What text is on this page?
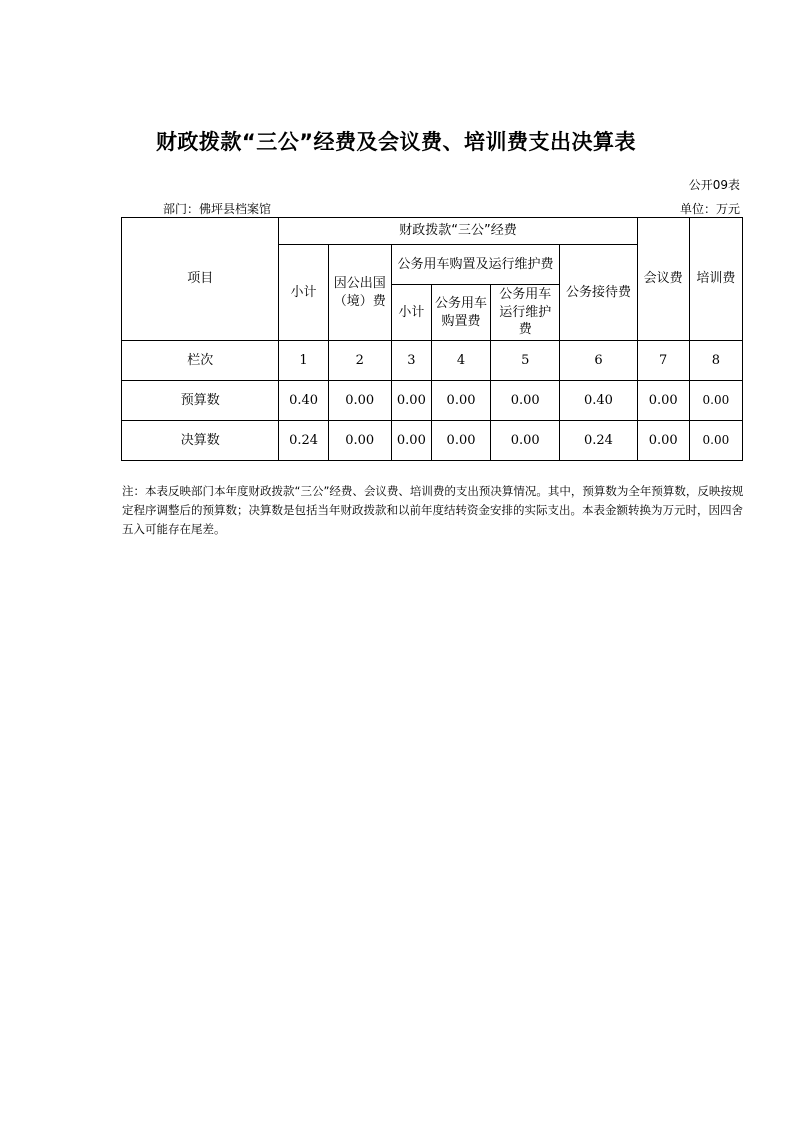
财政拨款“三公”经费及会议费、培训费支出决算表
公开09表
部门：佛坪县档案馆	单位：万元
项目	财政拨款“三公”经费						会议费	培训费
	小计	因公出国（境）费	公务用车购置及运行维护费			公务接待费		
			小计	公务用车购置费	公务用车运行维护费			
栏次	1	2	3	4	5	6	7	8
预算数	0.40	0.00	0.00	0.00	0.00	0.40	0.00	0.00
决算数	0.24	0.00	0.00	0.00	0.00	0.24	0.00	0.00
注：本表反映部门本年度财政拨款“三公”经费、会议费、培训费的支出预决算情况。其中，预算数为全年预算数，反映按规定程序调整后的预算数；决算数是包括当年财政拨款和以前年度结转资金安排的实际支出。本表金额转换为万元时，因四舍五入可能存在尾差。
